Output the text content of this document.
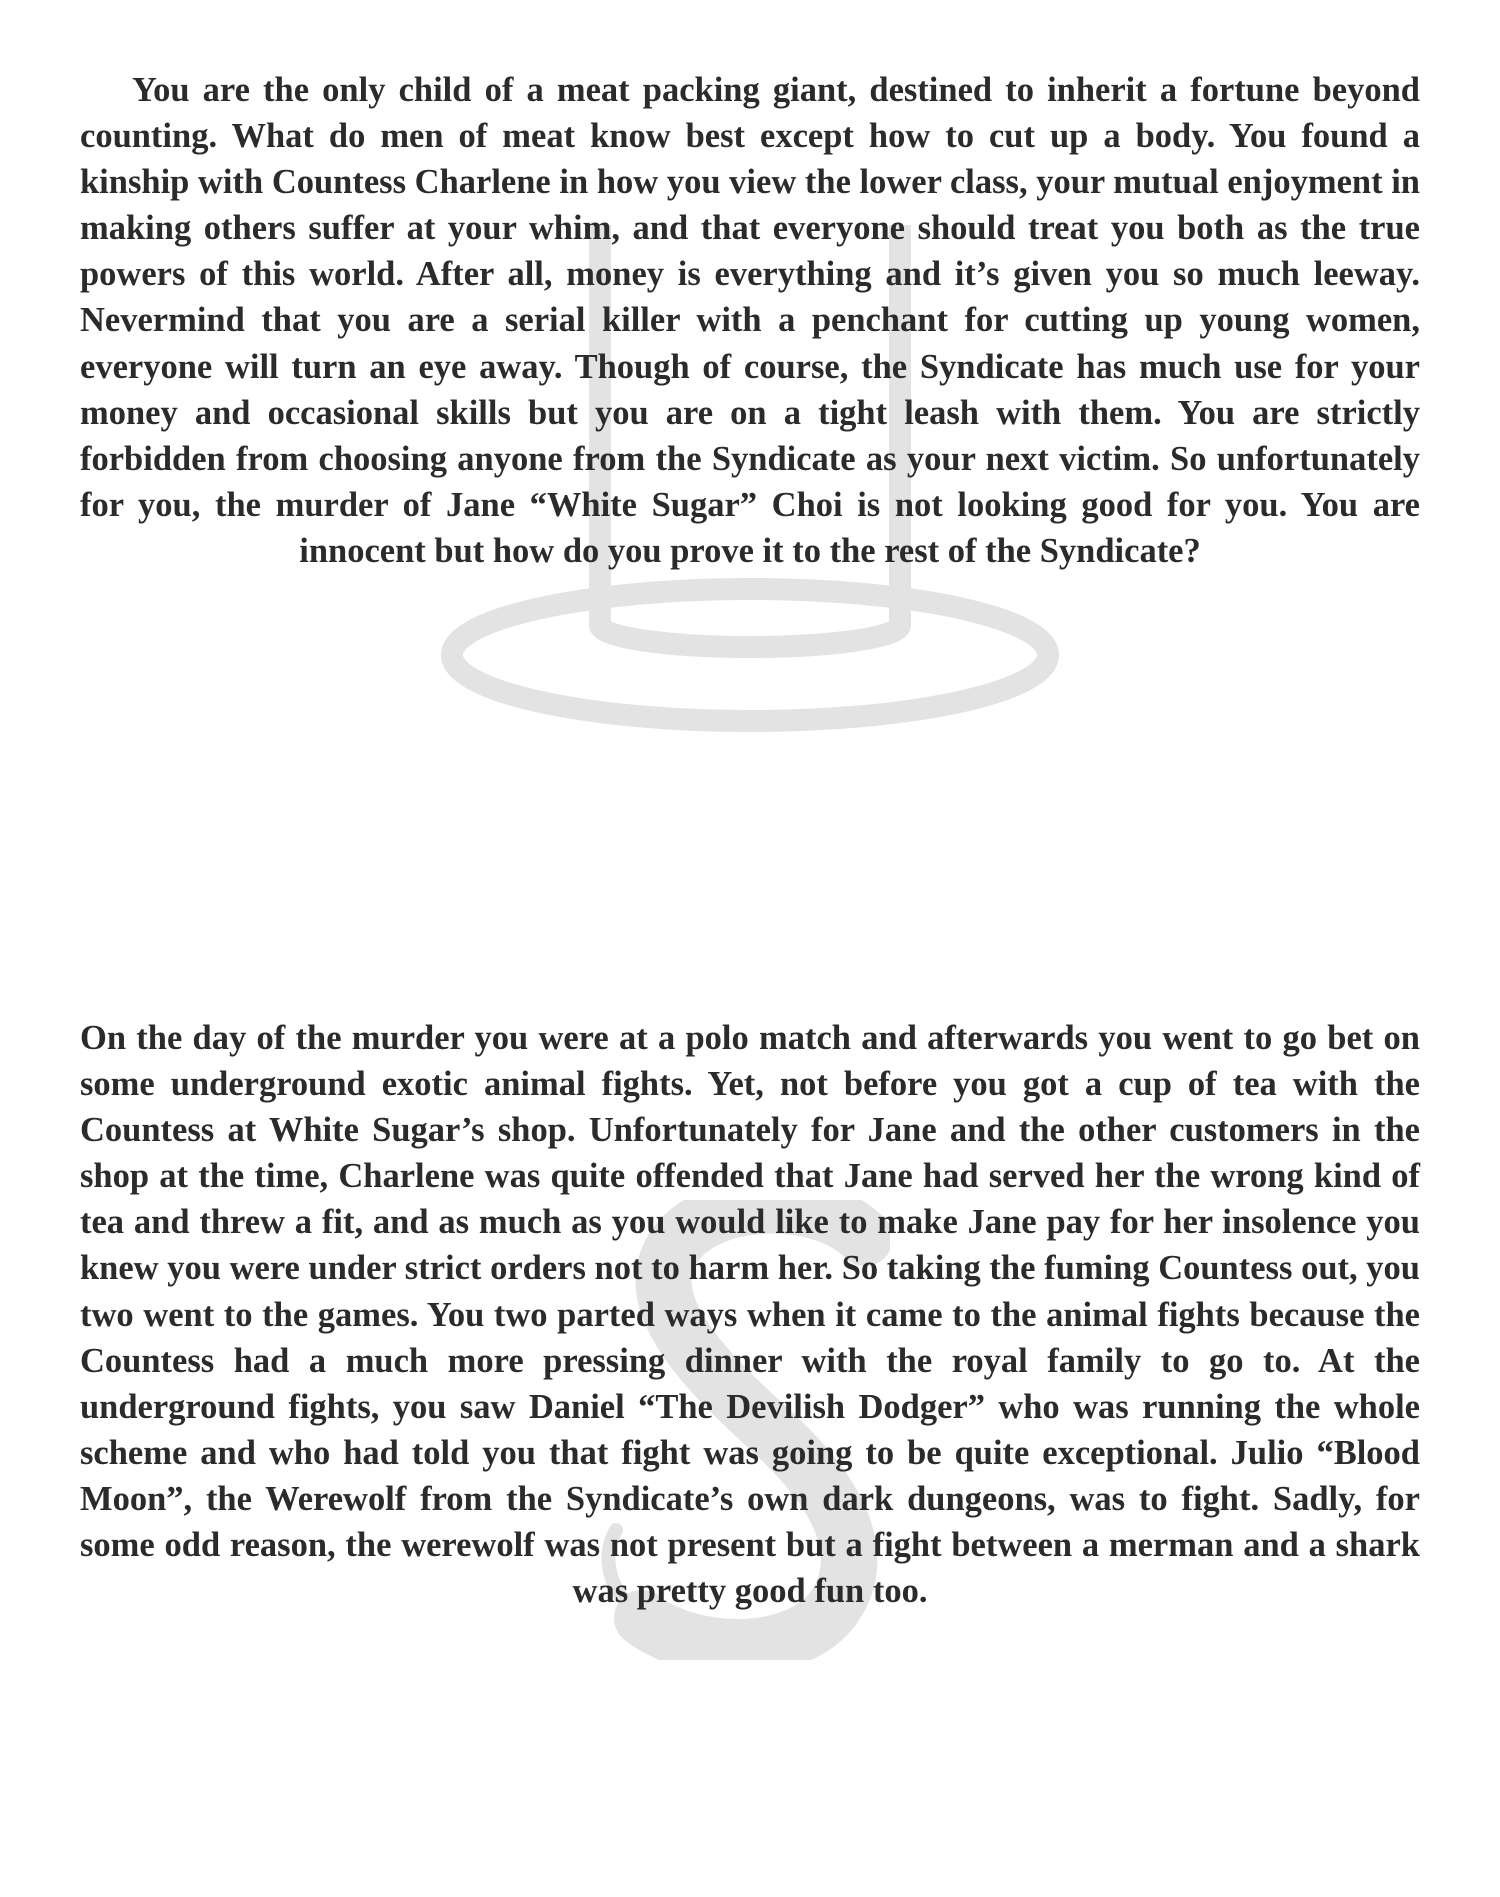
You are the only child of a meat packing giant, destined to inherit a fortune beyond counting. What do men of meat know best except how to cut up a body. You found a kinship with Countess Charlene in how you view the lower class, your mutual enjoyment in making others suffer at your whim, and that everyone should treat you both as the true powers of this world. After all, money is everything and it’s given you so much leeway. Nevermind that you are a serial killer with a penchant for cutting up young women, everyone will turn an eye away. Though of course, the Syndicate has much use for your money and occasional skills but you are on a tight leash with them. You are strictly forbidden from choosing anyone from the Syndicate as your next victim. So unfortunately for you, the murder of Jane “White Sugar” Choi is not looking good for you. You are innocent but how do you prove it to the rest of the Syndicate?

On the day of the murder you were at a polo match and afterwards you went to go bet on some underground exotic animal fights. Yet, not before you got a cup of tea with the Countess at White Sugar’s shop. Unfortunately for Jane and the other customers in the shop at the time, Charlene was quite offended that Jane had served her the wrong kind of tea and threw a fit, and as much as you would like to make Jane pay for her insolence you knew you were under strict orders not to harm her. So taking the fuming Countess out, you two went to the games. You two parted ways when it came to the animal fights because the Countess had a much more pressing dinner with the royal family to go to. At the underground fights, you saw Daniel “The Devilish Dodger” who was running the whole scheme and who had told you that fight was going to be quite exceptional. Julio “Blood Moon”, the Werewolf from the Syndicate’s own dark dungeons, was to fight. Sadly, for some odd reason, the werewolf was not present but a fight between a merman and a shark was pretty good fun too.
